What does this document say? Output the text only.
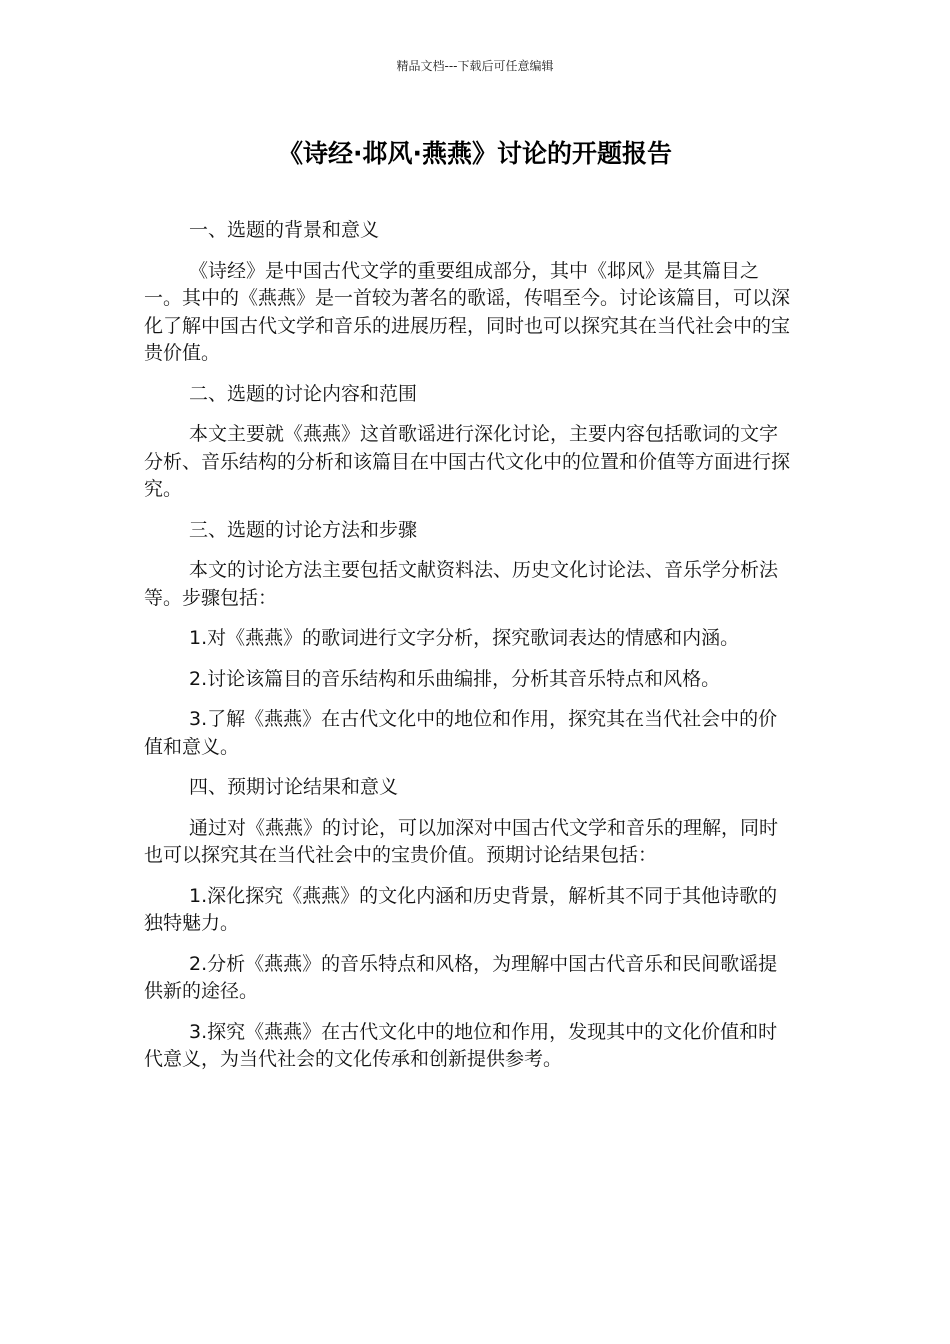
精品文档---下载后可任意编辑
《诗经·邶风·燕燕》讨论的开题报告

一、选题的背景和意义

《诗经》是中国古代文学的重要组成部分，其中《邶风》是其篇目之一。其中的《燕燕》是一首较为著名的歌谣，传唱至今。讨论该篇目，可以深化了解中国古代文学和音乐的进展历程，同时也可以探究其在当代社会中的宝贵价值。

二、选题的讨论内容和范围

本文主要就《燕燕》这首歌谣进行深化讨论，主要内容包括歌词的文字分析、音乐结构的分析和该篇目在中国古代文化中的位置和价值等方面进行探究。

三、选题的讨论方法和步骤

本文的讨论方法主要包括文献资料法、历史文化讨论法、音乐学分析法等。步骤包括：

1.对《燕燕》的歌词进行文字分析，探究歌词表达的情感和内涵。

2.讨论该篇目的音乐结构和乐曲编排，分析其音乐特点和风格。

3.了解《燕燕》在古代文化中的地位和作用，探究其在当代社会中的价值和意义。

四、预期讨论结果和意义

通过对《燕燕》的讨论，可以加深对中国古代文学和音乐的理解，同时也可以探究其在当代社会中的宝贵价值。预期讨论结果包括：

1.深化探究《燕燕》的文化内涵和历史背景，解析其不同于其他诗歌的独特魅力。

2.分析《燕燕》的音乐特点和风格，为理解中国古代音乐和民间歌谣提供新的途径。

3.探究《燕燕》在古代文化中的地位和作用，发现其中的文化价值和时代意义，为当代社会的文化传承和创新提供参考。
